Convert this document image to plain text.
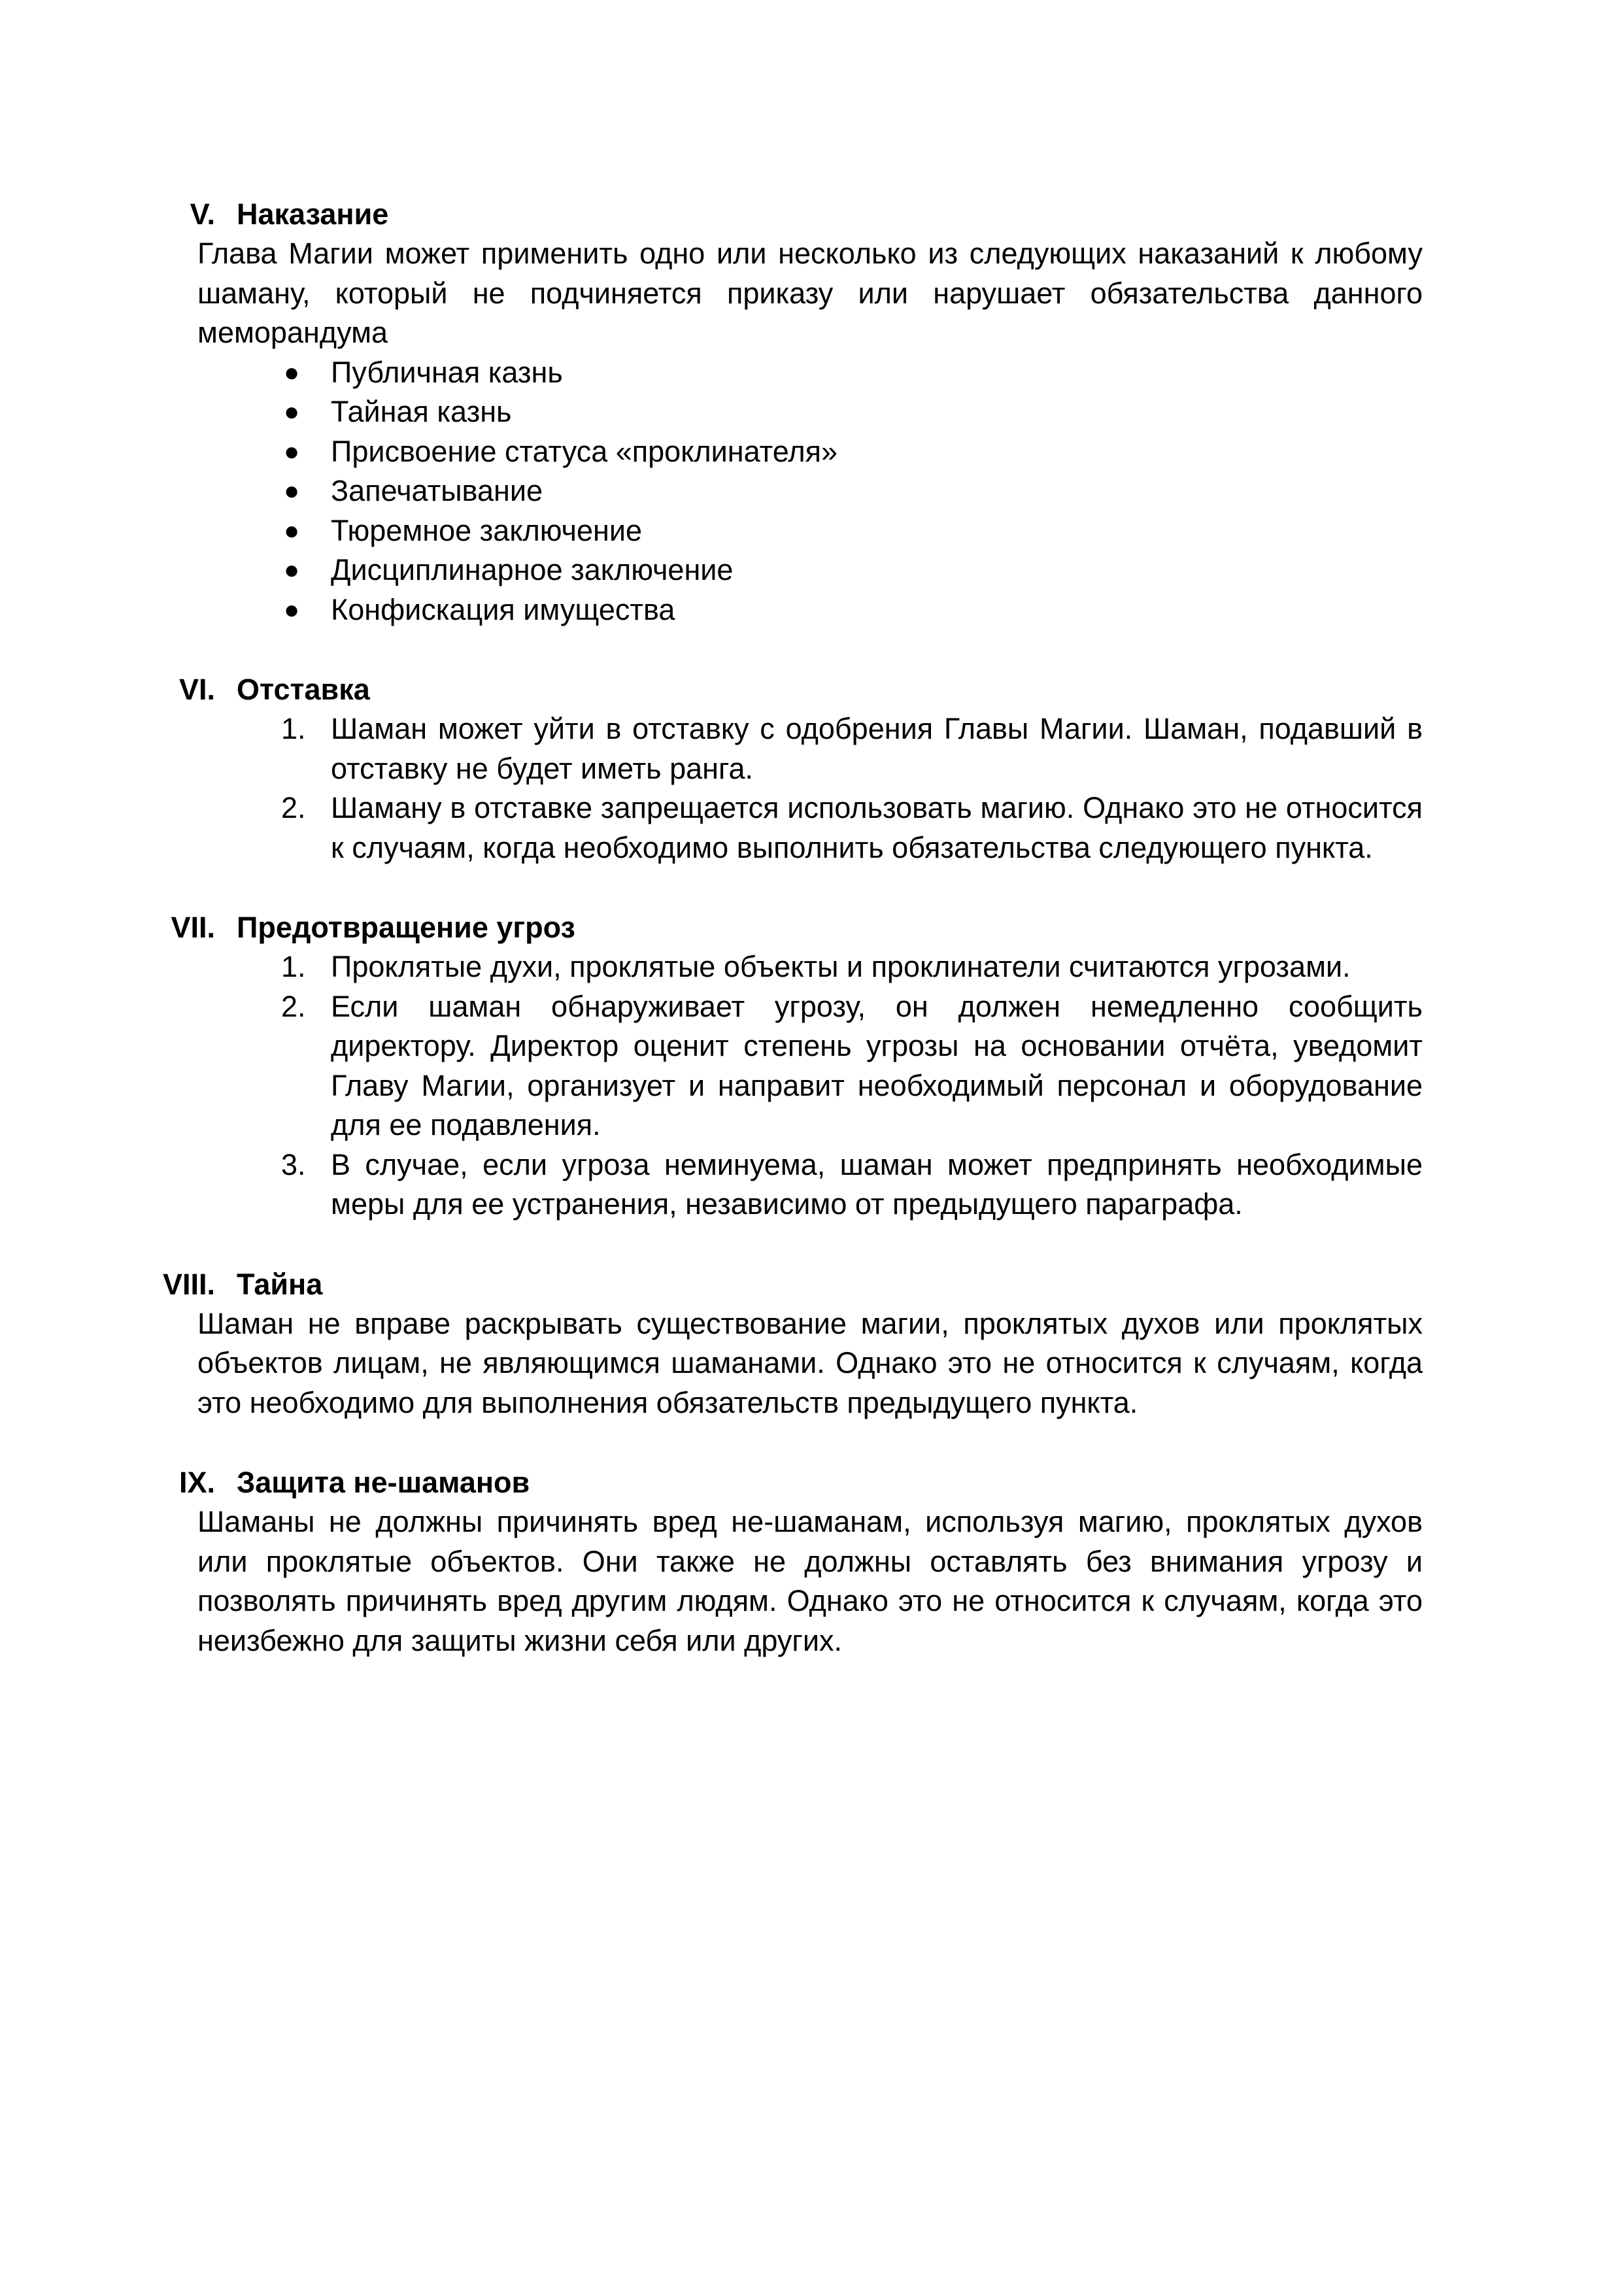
V. Наказание
Глава Магии может применить одно или несколько из следующих наказаний к любому шаману, который не подчиняется приказу или нарушает обязательства данного меморандума
●	Публичная казнь
●	Тайная казнь
●	Присвоение статуса «проклинателя»
●	Запечатывание
●	Тюремное заключение
●	Дисциплинарное заключение
●	Конфискация имущества
VI. Отставка
1. Шаман может уйти в отставку с одобрения Главы Магии. Шаман, подавший в отставку не будет иметь ранга.
2. Шаману в отставке запрещается использовать магию. Однако это не относится к случаям, когда необходимо выполнить обязательства следующего пункта.
VII. Предотвращение угроз
1. Проклятые духи, проклятые объекты и проклинатели считаются угрозами.
2. Если шаман обнаруживает угрозу, он должен немедленно сообщить директору. Директор оценит степень угрозы на основании отчёта, уведомит Главу Магии, организует и направит необходимый персонал и оборудование для ее подавления.
3. В случае, если угроза неминуема, шаман может предпринять необходимые меры для ее устранения, независимо от предыдущего параграфа.
VIII. Тайна
Шаман не вправе раскрывать существование магии, проклятых духов или проклятых объектов лицам, не являющимся шаманами. Однако это не относится к случаям, когда это необходимо для выполнения обязательств предыдущего пункта.
IX. Защита не-шаманов
Шаманы не должны причинять вред не-шаманам, используя магию, проклятых духов или проклятые объектов. Они также не должны оставлять без внимания угрозу и позволять причинять вред другим людям. Однако это не относится к случаям, когда это неизбежно для защиты жизни себя или других.
